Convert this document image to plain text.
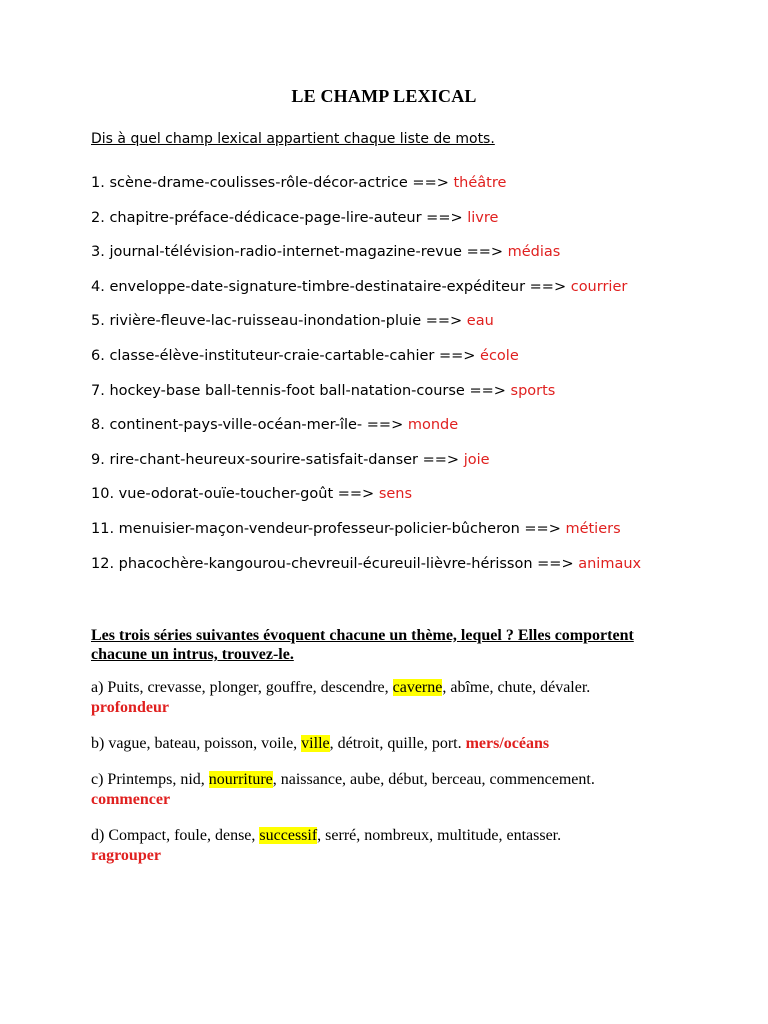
LE CHAMP LEXICAL
Dis à quel champ lexical appartient chaque liste de mots.
1. scène-drame-coulisses-rôle-décor-actrice ==> théâtre
2. chapitre-préface-dédicace-page-lire-auteur ==> livre
3. journal-télévision-radio-internet-magazine-revue ==> médias
4. enveloppe-date-signature-timbre-destinataire-expéditeur ==> courrier
5. rivière-fleuve-lac-ruisseau-inondation-pluie ==> eau
6. classe-élève-instituteur-craie-cartable-cahier ==> école
7. hockey-base ball-tennis-foot ball-natation-course ==> sports
8. continent-pays-ville-océan-mer-île- ==> monde
9. rire-chant-heureux-sourire-satisfait-danser ==> joie
10. vue-odorat-ouïe-toucher-goût ==> sens
11. menuisier-maçon-vendeur-professeur-policier-bûcheron ==> métiers
12. phacochère-kangourou-chevreuil-écureuil-lièvre-hérisson ==> animaux
Les trois séries suivantes évoquent chacune un thème, lequel ? Elles comportent chacune un intrus, trouvez-le.
a) Puits, crevasse, plonger, gouffre, descendre, caverne, abîme, chute, dévaler.
profondeur
b) vague, bateau, poisson, voile, ville, détroit, quille, port. mers/océans
c) Printemps, nid, nourriture, naissance, aube, début, berceau, commencement.
commencer
d) Compact, foule, dense, successif, serré, nombreux, multitude, entasser.
ragrouper
